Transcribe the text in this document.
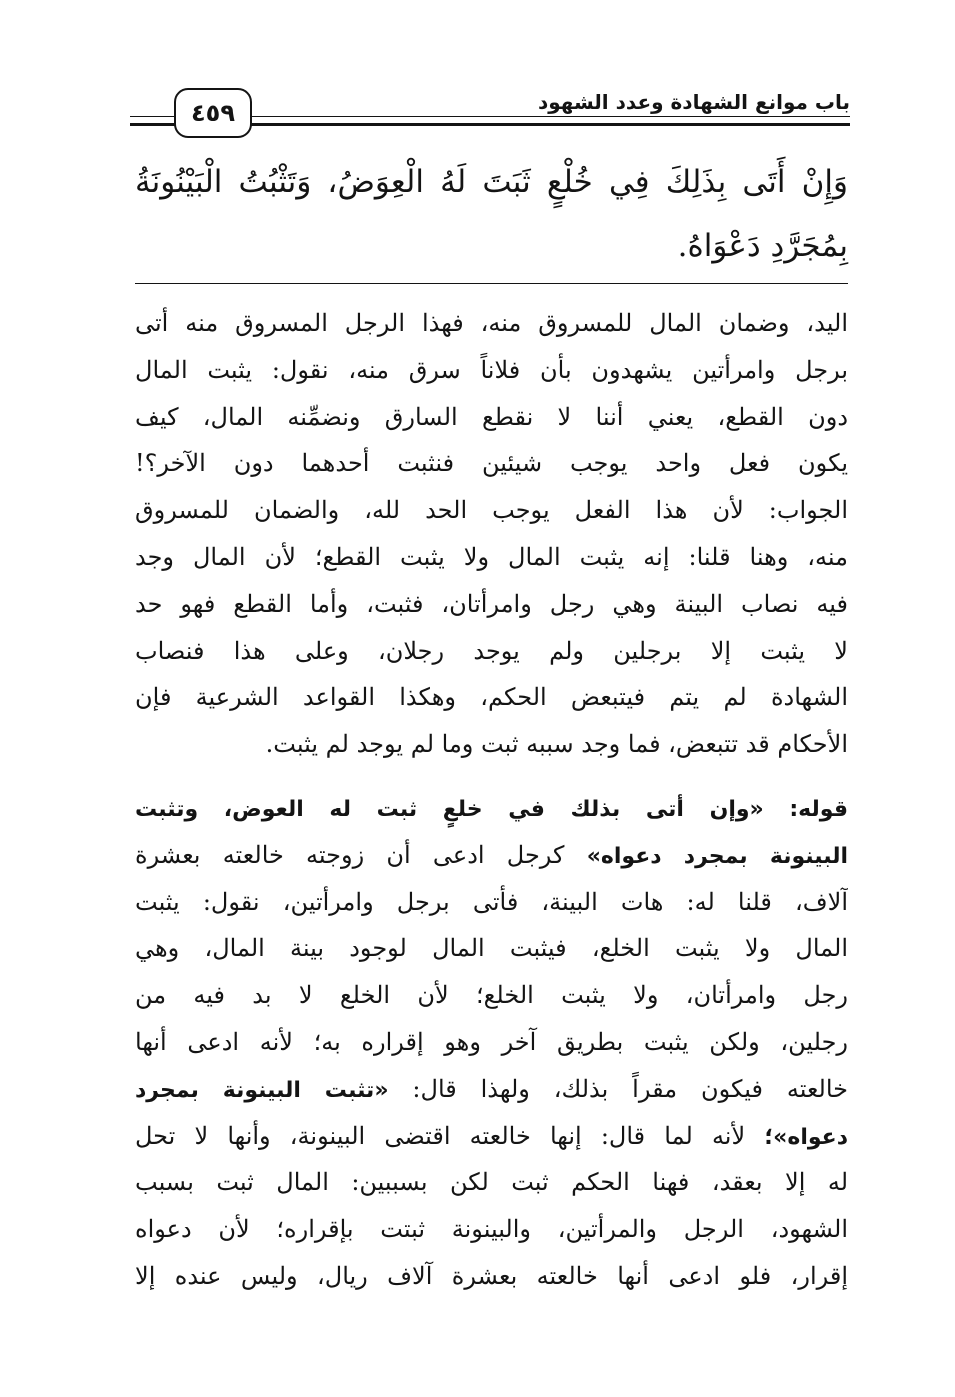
باب موانع الشهادة وعدد الشهود
٤٥٩
وَإِنْ أَتَى بِذَلِكَ فِي خُلْعٍ ثَبَتَ لَهُ الْعِوَضُ، وَتَثْبُتُ الْبَيْنُونَةُ
بِمُجَرَّدِ دَعْوَاهُ.
اليد، وضمان المال للمسروق منه، فهذا الرجل المسروق منه أتى
برجل وامرأتين يشهدون بأن فلاناً سرق منه، نقول: يثبت المال
دون القطع، يعني أننا لا نقطع السارق ونضمِّنه المال، كيف
يكون فعل واحد يوجب شيئين فنثبت أحدهما دون الآخر؟!
الجواب: لأن هذا الفعل يوجب الحد لله، والضمان للمسروق
منه، وهنا قلنا: إنه يثبت المال ولا يثبت القطع؛ لأن المال وجد
فيه نصاب البينة وهي رجل وامرأتان، فثبت، وأما القطع فهو حد
لا يثبت إلا برجلين ولم يوجد رجلان، وعلى هذا فنصاب
الشهادة لم يتم فيتبعض الحكم، وهكذا القواعد الشرعية فإن
الأحكام قد تتبعض، فما وجد سببه ثبت وما لم يوجد لم يثبت.
قوله: «وإن أتى بذلك في خلعٍ ثبت له العوض، وتثبت
البينونة بمجرد دعواه» كرجل ادعى أن زوجته خالعته بعشرة
آلاف، قلنا له: هات البينة، فأتى برجل وامرأتين، نقول: يثبت
المال ولا يثبت الخلع، فيثبت المال لوجود بينة المال، وهي
رجل وامرأتان، ولا يثبت الخلع؛ لأن الخلع لا بد فيه من
رجلين، ولكن يثبت بطريق آخر وهو إقراره به؛ لأنه ادعى أنها
خالعته فيكون مقراً بذلك، ولهذا قال: «تثبت البينونة بمجرد
دعواه»؛ لأنه لما قال: إنها خالعته اقتضى البينونة، وأنها لا تحل
له إلا بعقد، فهنا الحكم ثبت لكن بسببين: المال ثبت بسبب
الشهود، الرجل والمرأتين، والبينونة ثبتت بإقراره؛ لأن دعواه
إقرار، فلو ادعى أنها خالعته بعشرة آلاف ريال، وليس عنده إلا
